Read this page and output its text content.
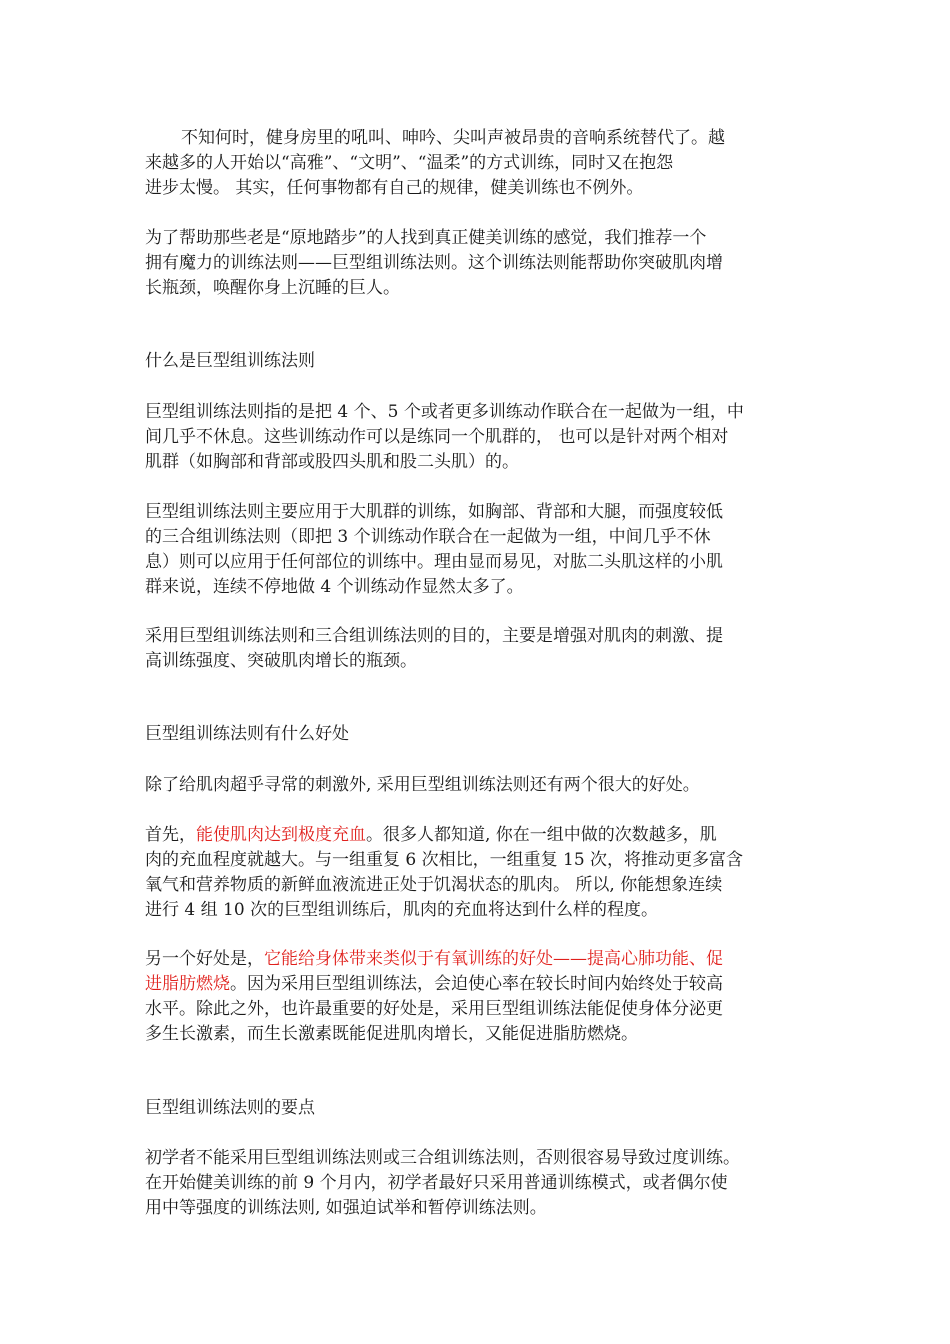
不知何时，健身房里的吼叫、呻吟、尖叫声被昂贵的音响系统替代了。越
来越多的人开始以“高雅”、“文明”、“温柔”的方式训练，同时又在抱怨
进步太慢。 其实，任何事物都有自己的规律，健美训练也不例外。
为了帮助那些老是“原地踏步”的人找到真正健美训练的感觉，我们推荐一个
拥有魔力的训练法则——巨型组训练法则。这个训练法则能帮助你突破肌肉增
长瓶颈，唤醒你身上沉睡的巨人。
什么是巨型组训练法则
巨型组训练法则指的是把 4 个、5 个或者更多训练动作联合在一起做为一组，中
间几乎不休息。这些训练动作可以是练同一个肌群的， 也可以是针对两个相对
肌群（如胸部和背部或股四头肌和股二头肌）的。
巨型组训练法则主要应用于大肌群的训练，如胸部、背部和大腿，而强度较低
的三合组训练法则（即把 3 个训练动作联合在一起做为一组，中间几乎不休
息）则可以应用于任何部位的训练中。理由显而易见，对肱二头肌这样的小肌
群来说，连续不停地做 4 个训练动作显然太多了。
采用巨型组训练法则和三合组训练法则的目的，主要是增强对肌肉的刺激、提
高训练强度、突破肌肉增长的瓶颈。
巨型组训练法则有什么好处
除了给肌肉超乎寻常的刺激外, 采用巨型组训练法则还有两个很大的好处。
首先，能使肌肉达到极度充血。很多人都知道, 你在一组中做的次数越多，肌
肉的充血程度就越大。与一组重复 6 次相比，一组重复 15 次，将推动更多富含
氧气和营养物质的新鲜血液流进正处于饥渴状态的肌肉。 所以, 你能想象连续
进行 4 组 10 次的巨型组训练后，肌肉的充血将达到什么样的程度。
另一个好处是，它能给身体带来类似于有氧训练的好处——提高心肺功能、促
进脂肪燃烧。因为采用巨型组训练法，会迫使心率在较长时间内始终处于较高
水平。除此之外，也许最重要的好处是，采用巨型组训练法能促使身体分泌更
多生长激素，而生长激素既能促进肌肉增长，又能促进脂肪燃烧。
巨型组训练法则的要点
初学者不能采用巨型组训练法则或三合组训练法则，否则很容易导致过度训练。
在开始健美训练的前 9 个月内，初学者最好只采用普通训练模式，或者偶尔使
用中等强度的训练法则, 如强迫试举和暂停训练法则。
